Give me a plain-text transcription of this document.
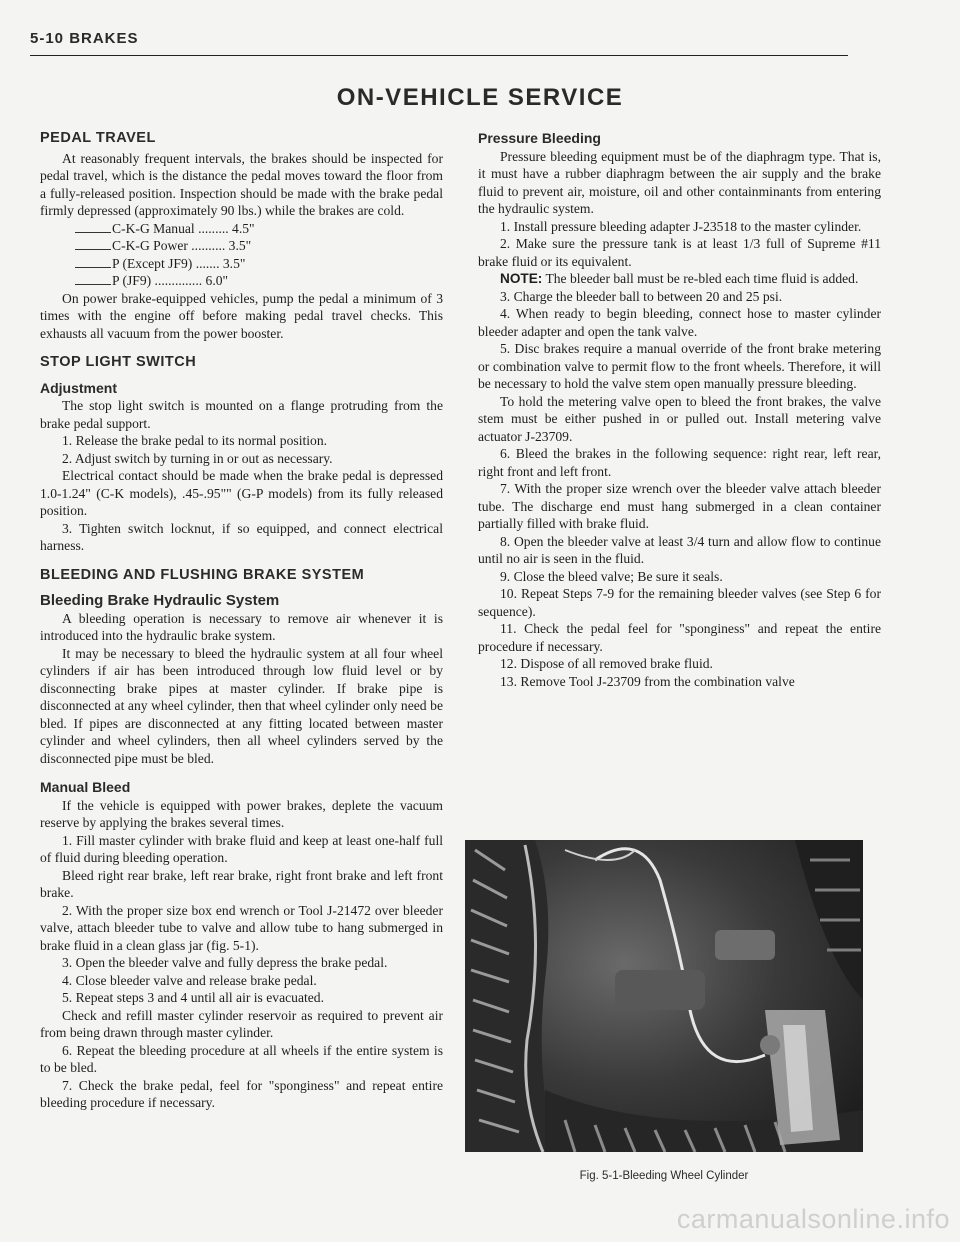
5-10 BRAKES
ON-VEHICLE SERVICE
PEDAL TRAVEL

At reasonably frequent intervals, the brakes should be inspected for pedal travel, which is the distance the pedal moves toward the floor from a fully-released position. Inspection should be made with the brake pedal firmly depressed (approximately 90 lbs.) while the brakes are cold.

C-K-G Manual ......... 4.5"
C-K-G Power .......... 3.5"
P (Except JF9) ....... 3.5"
P (JF9) .............. 6.0"

On power brake-equipped vehicles, pump the pedal a minimum of 3 times with the engine off before making pedal travel checks. This exhausts all vacuum from the power booster.

STOP LIGHT SWITCH
Adjustment

The stop light switch is mounted on a flange protruding from the brake pedal support.

1. Release the brake pedal to its normal position.

2. Adjust switch by turning in or out as necessary.

Electrical contact should be made when the brake pedal is depressed 1.0-1.24" (C-K models), .45-.95"" (G-P models) from its fully released position.

3. Tighten switch locknut, if so equipped, and connect electrical harness.

BLEEDING AND FLUSHING BRAKE SYSTEM
Bleeding Brake Hydraulic System

A bleeding operation is necessary to remove air whenever it is introduced into the hydraulic brake system.

It may be necessary to bleed the hydraulic system at all four wheel cylinders if air has been introduced through low fluid level or by disconnecting brake pipes at master cylinder. If brake pipe is disconnected at any wheel cylinder, then that wheel cylinder only need be bled. If pipes are disconnected at any fitting located between master cylinder and wheel cylinders, then all wheel cylinders served by the disconnected pipe must be bled.

Manual Bleed

If the vehicle is equipped with power brakes, deplete the vacuum reserve by applying the brakes several times.

1. Fill master cylinder with brake fluid and keep at least one-half full of fluid during bleeding operation.

Bleed right rear brake, left rear brake, right front brake and left front brake.

2. With the proper size box end wrench or Tool J-21472 over bleeder valve, attach bleeder tube to valve and allow tube to hang submerged in brake fluid in a clean glass jar (fig. 5-1).

3. Open the bleeder valve and fully depress the brake pedal.

4. Close bleeder valve and release brake pedal.

5. Repeat steps 3 and 4 until all air is evacuated.

Check and refill master cylinder reservoir as required to prevent air from being drawn through master cylinder.

6. Repeat the bleeding procedure at all wheels if the entire system is to be bled.

7. Check the brake pedal, feel for "sponginess" and repeat entire bleeding procedure if necessary.

Pressure Bleeding

Pressure bleeding equipment must be of the diaphragm type. That is, it must have a rubber diaphragm between the air supply and the brake fluid to prevent air, moisture, oil and other containminants from entering the hydraulic system.

1. Install pressure bleeding adapter J-23518 to the master cylinder.

2. Make sure the pressure tank is at least 1/3 full of Supreme #11 brake fluid or its equivalent.

NOTE: The bleeder ball must be re-bled each time fluid is added.

3. Charge the bleeder ball to between 20 and 25 psi.

4. When ready to begin bleeding, connect hose to master cylinder bleeder adapter and open the tank valve.

5. Disc brakes require a manual override of the front brake metering or combination valve to permit flow to the front wheels. Therefore, it will be necessary to hold the valve stem open manually pressure bleeding.

To hold the metering valve open to bleed the front brakes, the valve stem must be either pushed in or pulled out. Install metering valve actuator J-23709.

6. Bleed the brakes in the following sequence: right rear, left rear, right front and left front.

7. With the proper size wrench over the bleeder valve attach bleeder tube. The discharge end must hang submerged in a clean container partially filled with brake fluid.

8. Open the bleeder valve at least 3/4 turn and allow flow to continue until no air is seen in the fluid.

9. Close the bleed valve; Be sure it seals.

10. Repeat Steps 7-9 for the remaining bleeder valves (see Step 6 for sequence).

11. Check the pedal feel for "sponginess" and repeat the entire procedure if necessary.

12. Dispose of all removed brake fluid.

13. Remove Tool J-23709 from the combination valve

Fig. 5-1-Bleeding Wheel Cylinder
carmanualsonline.info
